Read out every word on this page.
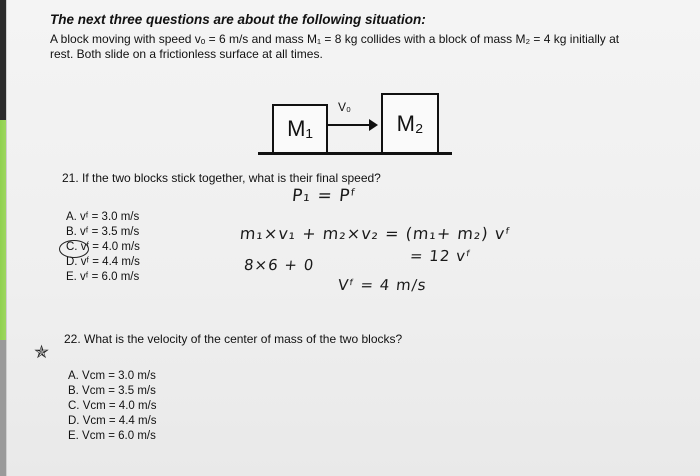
The next three questions are about the following situation:
A block moving with speed vₒ = 6 m/s and mass M₁ = 8 kg collides with a block of mass M₂ = 4 kg initially at rest. Both slide on a frictionless surface at all times.
M₁	M₂
V₀
21. If the two blocks stick together, what is their final speed?
A. vᶠ = 3.0 m/s
B. vᶠ = 3.5 m/s
C. vᶠ = 4.0 m/s
D. vᶠ = 4.4 m/s
E. vᶠ = 6.0 m/s
P₁ = Pᶠ
m₁×v₁ + m₂×v₂ = (m₁+ m₂) vᶠ
8×6 + 0	= 12 vᶠ
Vᶠ = 4 m/s
✯
22. What is the velocity of the center of mass of the two blocks?
A. Vcm = 3.0 m/s
B. Vcm = 3.5 m/s
C. Vcm = 4.0 m/s
D. Vcm = 4.4 m/s
E. Vcm = 6.0 m/s
